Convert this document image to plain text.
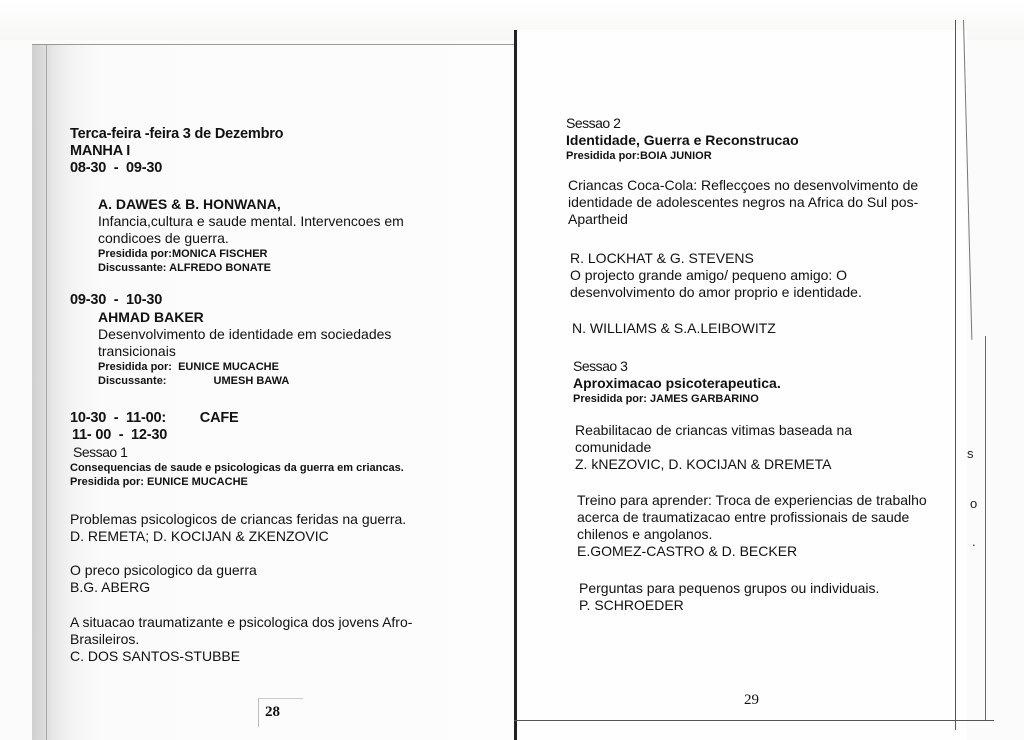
Terca-feira -feira 3 de Dezembro
MANHA I
08-30  -  09-30
A. DAWES & B. HONWANA,
Infancia,cultura e saude mental. Intervencoes em
condicoes de guerra.
Presidida por:MONICA FISCHER
Discussante: ALFREDO BONATE
09-30  -  10-30
AHMAD BAKER
Desenvolvimento de identidade em sociedades
transicionais
Presidida por: EUNICE MUCACHE
Discussante:	UMESH BAWA
10-30  -  11-00: CAFE
11- 00  -  12-30
Sessao 1
Consequencias de saude e psicologicas da guerra em criancas.
Presidida por: EUNICE MUCACHE
Problemas psicologicos de criancas feridas na guerra.
D. REMETA; D. KOCIJAN & ZKENZOVIC
O preco psicologico da guerra
B.G. ABERG
A situacao traumatizante e psicologica dos jovens Afro-
Brasileiros.
C. DOS SANTOS-STUBBE
28
Sessao 2
Identidade, Guerra e Reconstrucao
Presidida por:BOIA JUNIOR
Criancas Coca-Cola: Reflecçoes no desenvolvimento de
identidade de adolescentes negros na Africa do Sul pos-
Apartheid
R. LOCKHAT & G. STEVENS
O projecto grande amigo/ pequeno amigo: O
desenvolvimento do amor proprio e identidade.
N. WILLIAMS & S.A.LEIBOWITZ
Sessao 3
Aproximacao psicoterapeutica.
Presidida por: JAMES GARBARINO
Reabilitacao de criancas vitimas baseada na
comunidade
Z. kNEZOVIC, D. KOCIJAN & DREMETA
Treino para aprender: Troca de experiencias de trabalho
acerca de traumatizacao entre profissionais de saude
chilenos e angolanos.
E.GOMEZ-CASTRO & D. BECKER
Perguntas para pequenos grupos ou individuais.
P. SCHROEDER
29
s
o
.
